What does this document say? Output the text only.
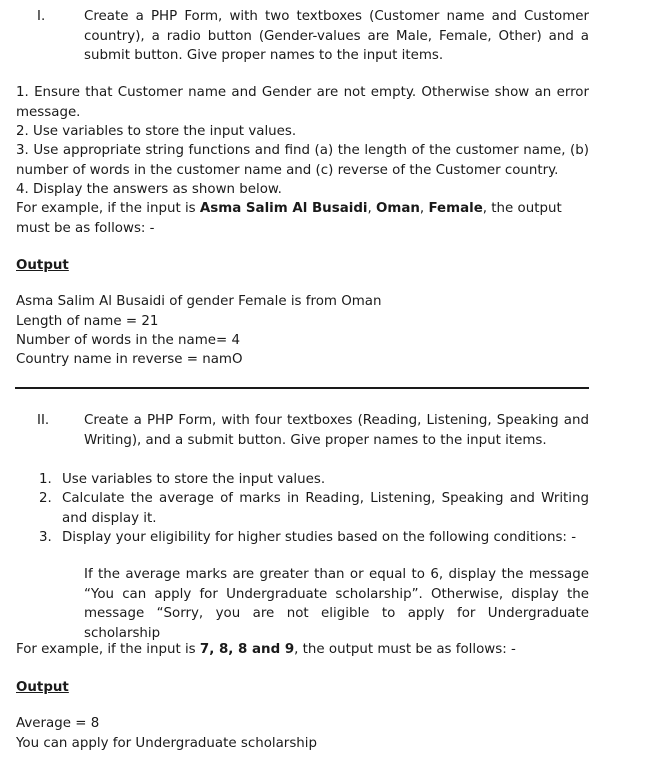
I.	Create a PHP Form, with two textboxes (Customer name and Customer country), a radio button (Gender-values are Male, Female, Other) and a submit button. Give proper names to the input items.
1. Ensure that Customer name and Gender are not empty. Otherwise show an error message.
2. Use variables to store the input values.
3. Use appropriate string functions and find (a) the length of the customer name, (b) number of words in the customer name and (c) reverse of the Customer country.
4. Display the answers as shown below.
For example, if the input is Asma Salim Al Busaidi, Oman, Female, the output must be as follows: -
Output
Asma Salim Al Busaidi of gender Female is from Oman
Length of name = 21
Number of words in the name= 4
Country name in reverse = namO
II.	Create a PHP Form, with four textboxes (Reading, Listening, Speaking and Writing), and a submit button. Give proper names to the input items.
1. Use variables to store the input values.
2. Calculate the average of marks in Reading, Listening, Speaking and Writing and display it.
3. Display your eligibility for higher studies based on the following conditions: -
If the average marks are greater than or equal to 6, display the message “You can apply for Undergraduate scholarship”. Otherwise, display the message “Sorry, you are not eligible to apply for Undergraduate scholarship
For example, if the input is 7, 8, 8 and 9, the output must be as follows: -
Output
Average = 8
You can apply for Undergraduate scholarship
